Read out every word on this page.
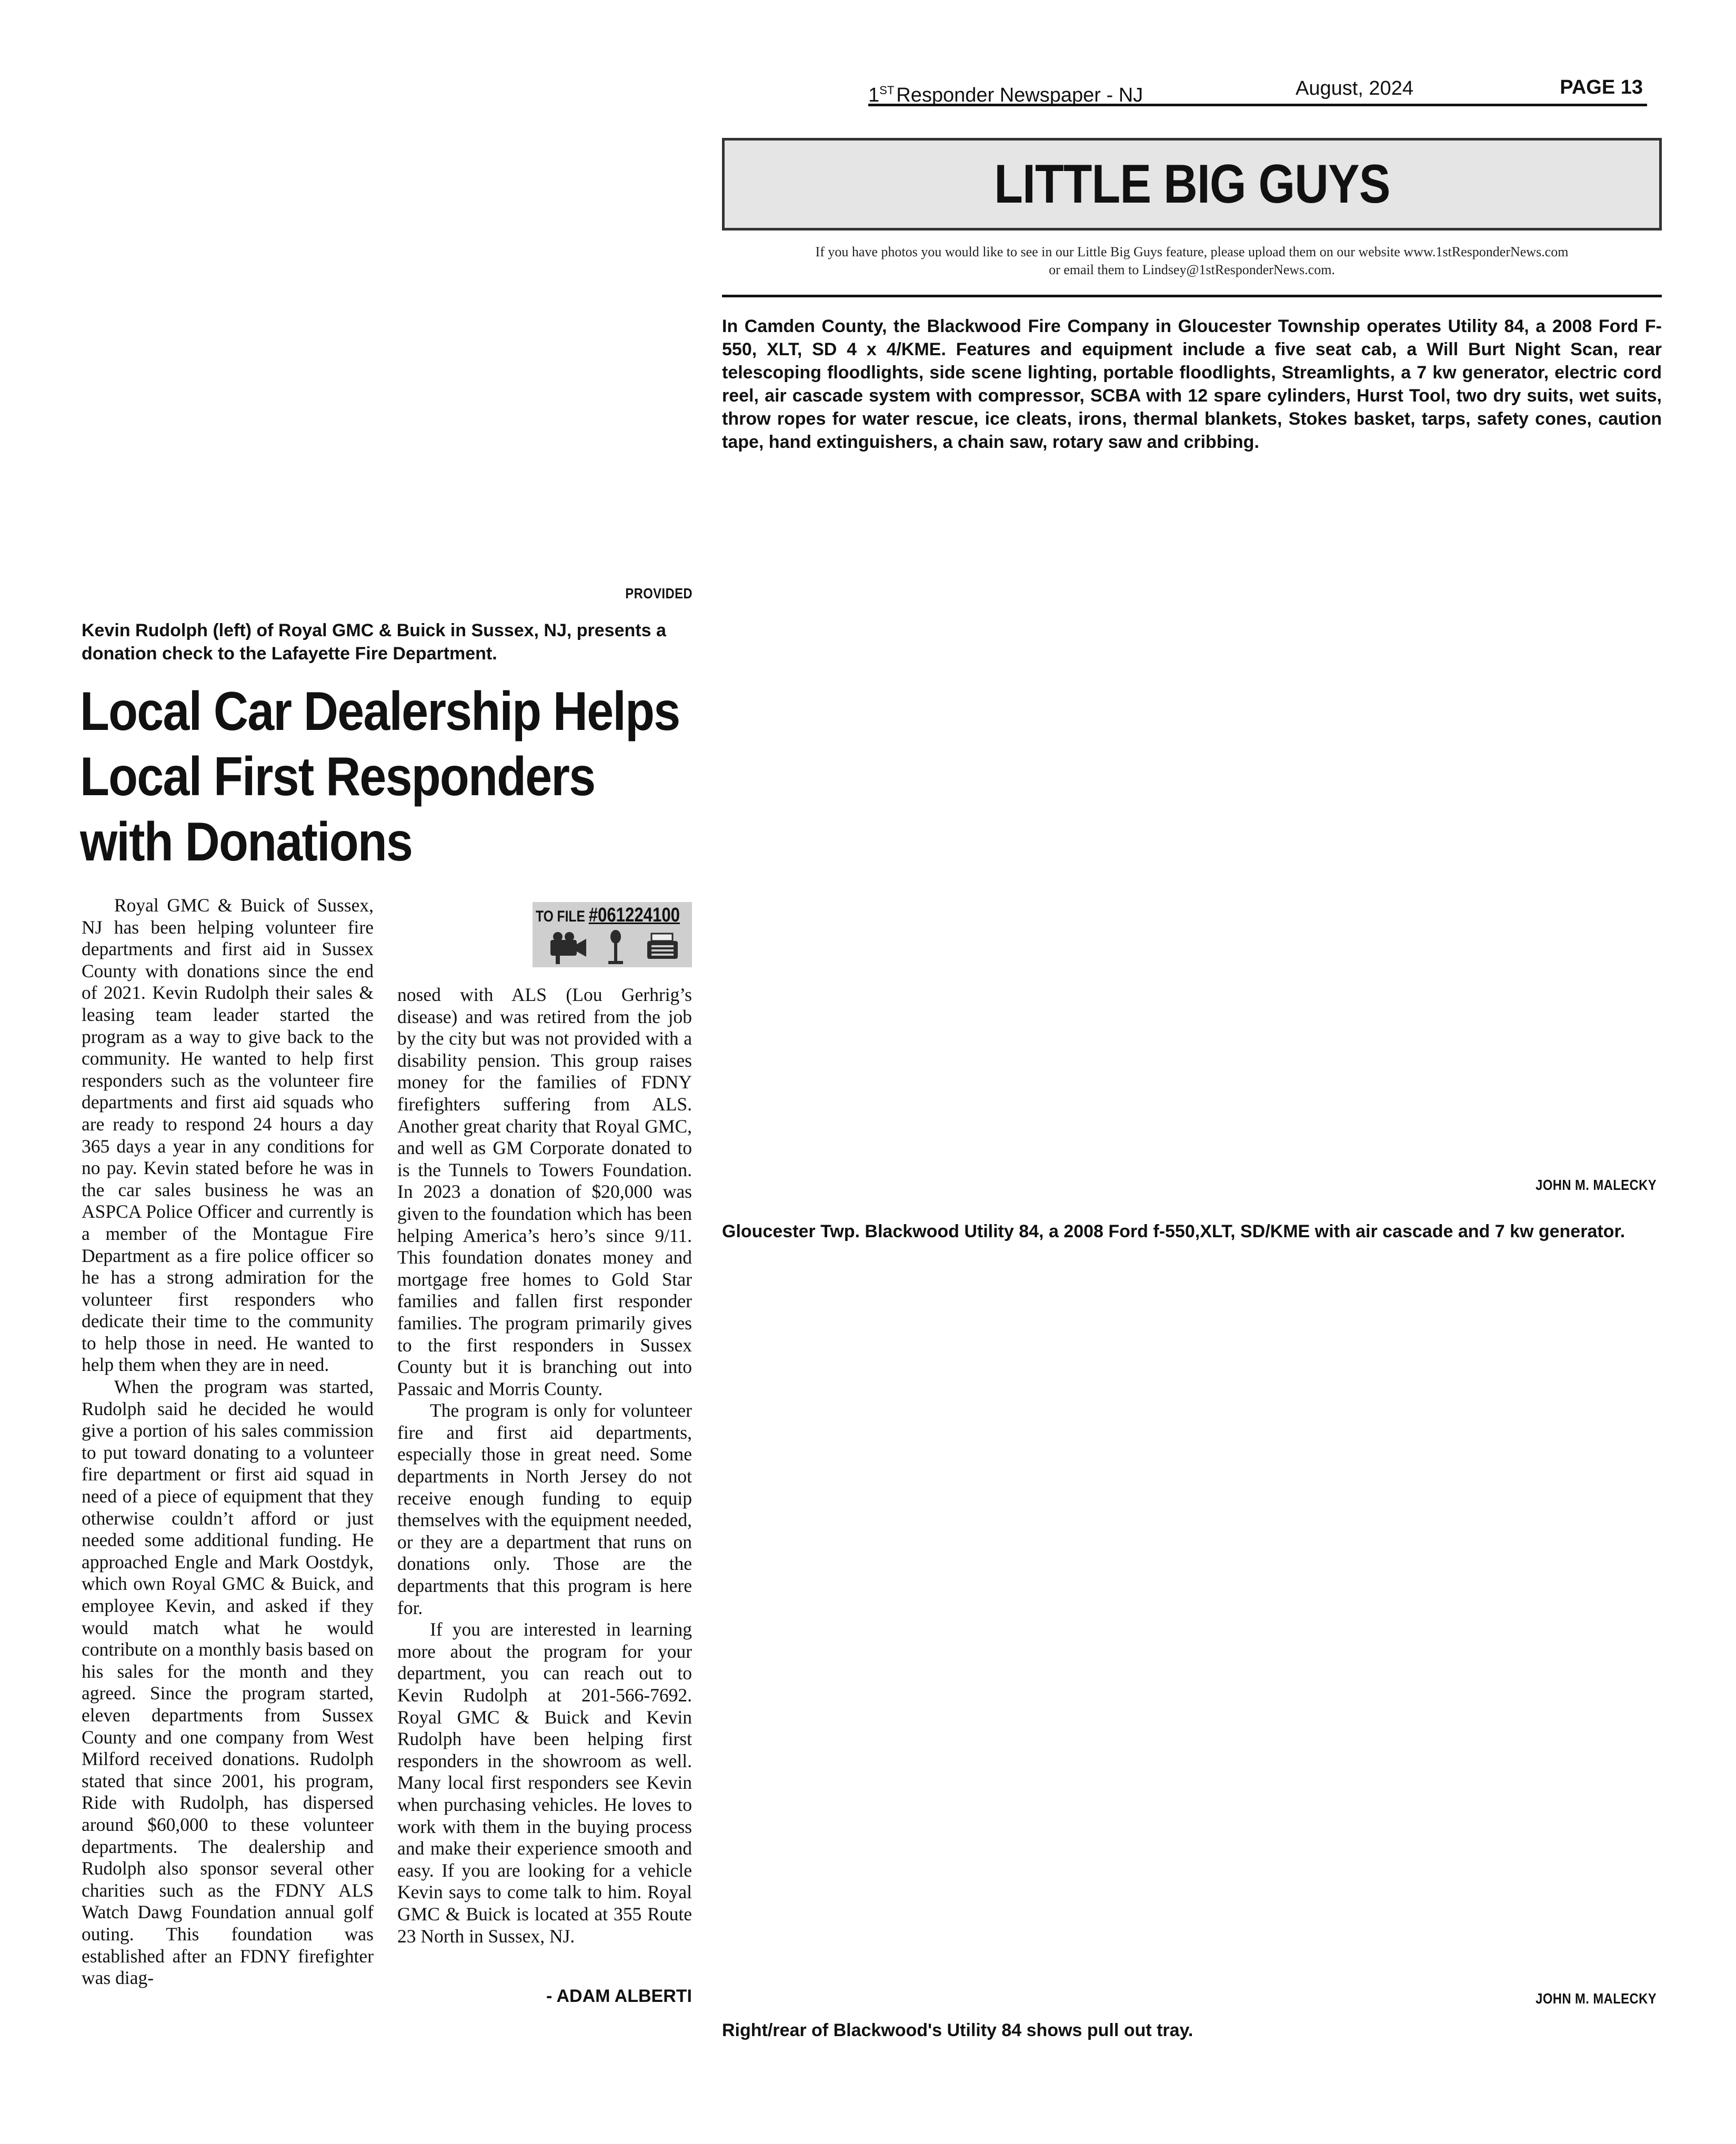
1ST Responder Newspaper - NJ	August, 2024	PAGE 13
LITTLE BIG GUYS
If you have photos you would like to see in our Little Big Guys feature, please upload them on our website www.1stResponderNews.com
or email them to Lindsey@1stResponderNews.com.
In Camden County, the Blackwood Fire Company in Gloucester Township operates Utility 84, a 2008 Ford F-550, XLT, SD 4 x 4/KME. Features and equipment include a five seat cab, a Will Burt Night Scan, rear telescoping floodlights, side scene lighting, portable floodlights, Streamlights, a 7 kw generator, electric cord reel, air cascade system with compressor, SCBA with 12 spare cylinders, Hurst Tool, two dry suits, wet suits, throw ropes for water rescue, ice cleats, irons, thermal blankets, Stokes basket, tarps, safety cones, caution tape, hand extinguishers, a chain saw, rotary saw and cribbing.
JOHN M. MALECKY
Gloucester Twp. Blackwood Utility 84, a 2008 Ford f-550,XLT, SD/KME with air cascade and 7 kw generator.
JOHN M. MALECKY
Right/rear of Blackwood's Utility 84 shows pull out tray.
PROVIDED
Kevin Rudolph (left) of Royal GMC & Buick in Sussex, NJ, presents a donation check to the Lafayette Fire Department.
Local Car Dealership Helps
Local First Responders
with Donations
TO FILE #061224100

Royal GMC & Buick of Sussex, NJ has been helping volunteer fire departments and first aid in Sussex County with donations since the end of 2021. Kevin Rudolph their sales & leasing team leader started the program as a way to give back to the community. He wanted to help first responders such as the volunteer fire departments and first aid squads who are ready to respond 24 hours a day 365 days a year in any conditions for no pay. Kevin stated before he was in the car sales business he was an ASPCA Police Officer and currently is a member of the Montague Fire Department as a fire police officer so he has a strong admiration for the volunteer first responders who dedicate their time to the community to help those in need. He wanted to help them when they are in need.

When the program was started, Rudolph said he decided he would give a portion of his sales commission to put toward donating to a volunteer fire department or first aid squad in need of a piece of equipment that they otherwise couldn’t afford or just needed some additional funding. He approached Engle and Mark Oostdyk, which own Royal GMC & Buick, and employee Kevin, and asked if they would match what he would contribute on a monthly basis based on his sales for the month and they agreed. Since the program started, eleven departments from Sussex County and one company from West Milford received donations. Rudolph stated that since 2001, his program, Ride with Rudolph, has dispersed around $60,000 to these volunteer departments. The dealership and Rudolph also sponsor several other charities such as the FDNY ALS Watch Dawg Foundation annual golf outing. This foundation was established after an FDNY firefighter was diag-

nosed with ALS (Lou Gerhrig’s disease) and was retired from the job by the city but was not provided with a disability pension. This group raises money for the families of FDNY firefighters suffering from ALS. Another great charity that Royal GMC, and well as GM Corporate donated to is the Tunnels to Towers Foundation. In 2023 a donation of $20,000 was given to the foundation which has been helping America’s hero’s since 9/11. This foundation donates money and mortgage free homes to Gold Star families and fallen first responder families. The program primarily gives to the first responders in Sussex County but it is branching out into Passaic and Morris County.

The program is only for volunteer fire and first aid departments, especially those in great need. Some departments in North Jersey do not receive enough funding to equip themselves with the equipment needed, or they are a department that runs on donations only. Those are the departments that this program is here for.

If you are interested in learning more about the program for your department, you can reach out to Kevin Rudolph at 201-566-7692. Royal GMC & Buick and Kevin Rudolph have been helping first responders in the showroom as well. Many local first responders see Kevin when purchasing vehicles. He loves to work with them in the buying process and make their experience smooth and easy. If you are looking for a vehicle Kevin says to come talk to him. Royal GMC & Buick is located at 355 Route 23 North in Sussex, NJ.

- ADAM ALBERTI
